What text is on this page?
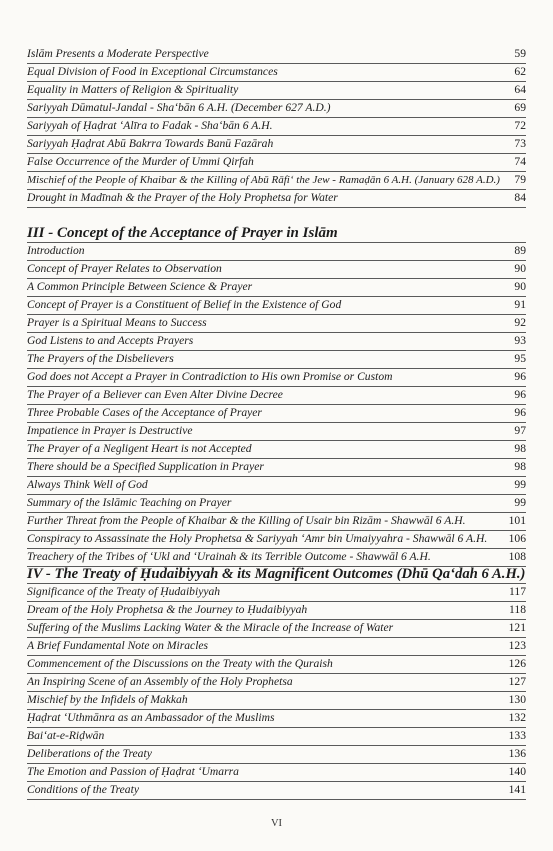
Islām Presents a Moderate Perspective	59
Equal Division of Food in Exceptional Circumstances	62
Equality in Matters of Religion & Spirituality	64
Sariyyah Dūmatul-Jandal - Sha‘bān 6 A.H. (December 627 A.D.)	69
Sariyyah of Ḥaḍrat ‘Alīra to Fadak - Sha‘bān 6 A.H.	72
Sariyyah Ḥaḍrat Abū Bakrra Towards Banū Fazārah	73
False Occurrence of the Murder of Ummi Qirfah	74
Mischief of the People of Khaibar & the Killing of Abū Rāfi‘ the Jew - Ramaḍān 6 A.H. (January 628 A.D.)	79
Drought in Madīnah & the Prayer of the Holy Prophetsa for Water	84
III - Concept of the Acceptance of Prayer in Islām
Introduction	89
Concept of Prayer Relates to Observation	90
A Common Principle Between Science & Prayer	90
Concept of Prayer is a Constituent of Belief in the Existence of God	91
Prayer is a Spiritual Means to Success	92
God Listens to and Accepts Prayers	93
The Prayers of the Disbelievers	95
God does not Accept a Prayer in Contradiction to His own Promise or Custom	96
The Prayer of a Believer can Even Alter Divine Decree	96
Three Probable Cases of the Acceptance of Prayer	96
Impatience in Prayer is Destructive	97
The Prayer of a Negligent Heart is not Accepted	98
There should be a Specified Supplication in Prayer	98
Always Think Well of God	99
Summary of the Islāmic Teaching on Prayer	99
Further Threat from the People of Khaibar & the Killing of Usair bin Rizām - Shawwāl 6 A.H.	101
Conspiracy to Assassinate the Holy Prophetsa & Sariyyah ‘Amr bin Umaiyyahra - Shawwāl 6 A.H.	106
Treachery of the Tribes of ‘Ukl and ‘Urainah & its Terrible Outcome - Shawwāl 6 A.H.	108
IV - The Treaty of Ḥudaibiyyah & its Magnificent Outcomes (Dhū Qa‘dah 6 A.H.)
Significance of the Treaty of Ḥudaibiyyah	117
Dream of the Holy Prophetsa & the Journey to Ḥudaibiyyah	118
Suffering of the Muslims Lacking Water & the Miracle of the Increase of Water	121
A Brief Fundamental Note on Miracles	123
Commencement of the Discussions on the Treaty with the Quraish	126
An Inspiring Scene of an Assembly of the Holy Prophetsa	127
Mischief by the Infidels of Makkah	130
Ḥaḍrat ‘Uthmānra as an Ambassador of the Muslims	132
Bai‘at-e-Riḍwān	133
Deliberations of the Treaty	136
The Emotion and Passion of Ḥaḍrat ‘Umarra	140
Conditions of the Treaty	141
VI
